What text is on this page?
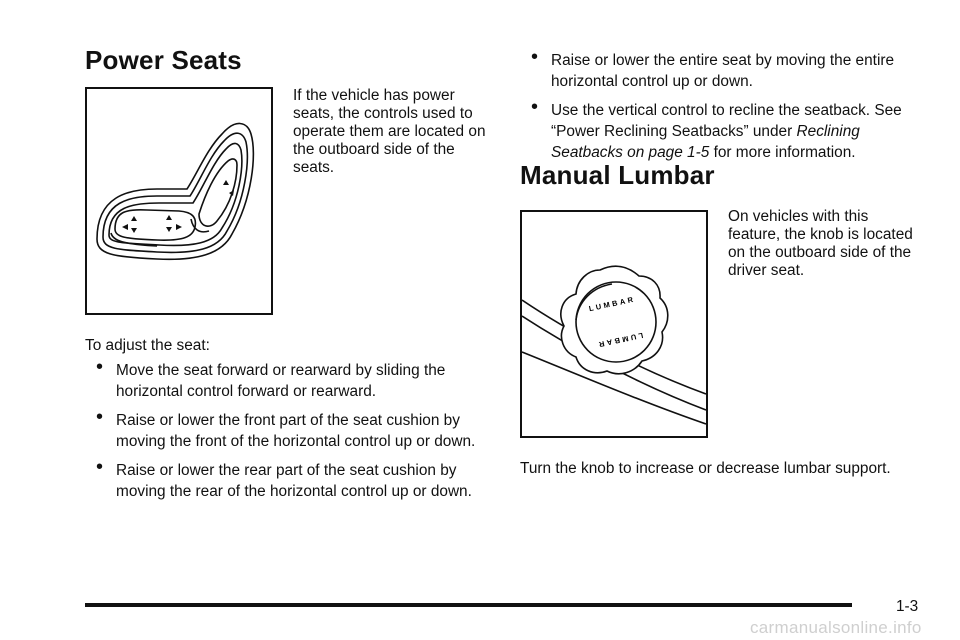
Power Seats
If the vehicle has power seats, the controls used to operate them are located on the outboard side of the seats.
To adjust the seat:
• Move the seat forward or rearward by sliding the horizontal control forward or rearward.
• Raise or lower the front part of the seat cushion by moving the front of the horizontal control up or down.
• Raise or lower the rear part of the seat cushion by moving the rear of the horizontal control up or down.
• Raise or lower the entire seat by moving the entire horizontal control up or down.
• Use the vertical control to recline the seatback. See “Power Reclining Seatbacks” under Reclining Seatbacks on page 1-5 for more information.
Manual Lumbar
LUMBAR
LUMBAR
On vehicles with this feature, the knob is located on the outboard side of the driver seat.
Turn the knob to increase or decrease lumbar support.
1-3
carmanualsonline.info
